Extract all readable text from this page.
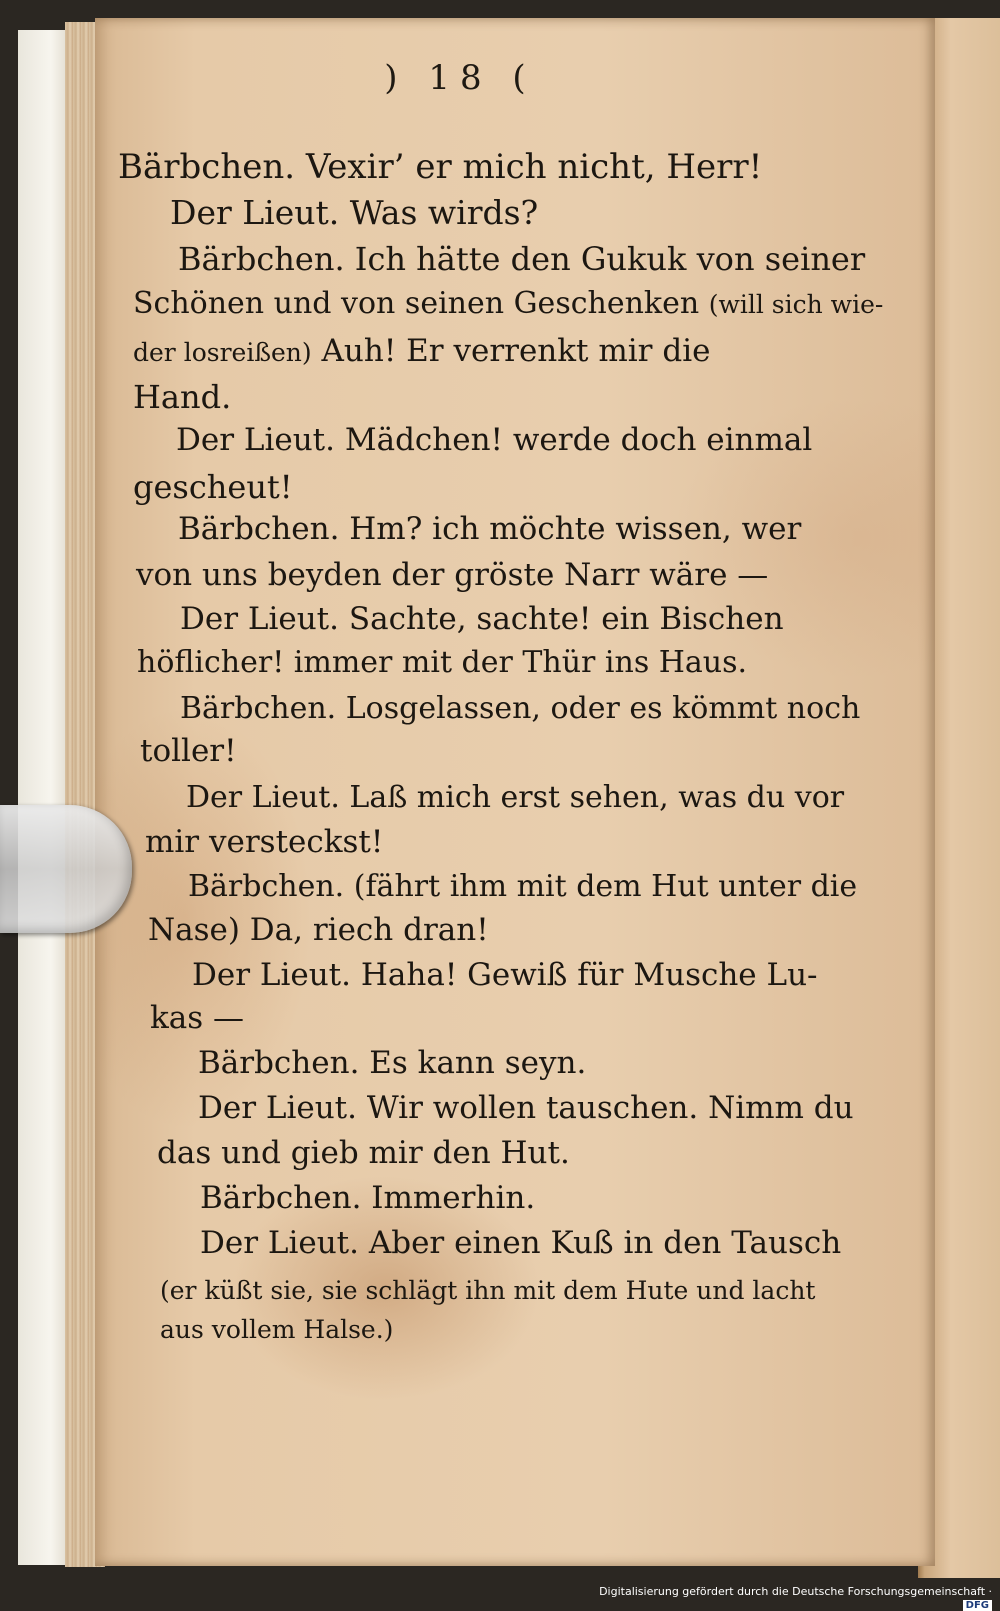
) 18 (
Bärbchen. Vexir’ er mich nicht, Herr!
Der Lieut. Was wirds?
Bärbchen. Ich hätte den Gukuk von seiner
Schönen und von seinen Geschenken (will sich wie-
der losreißen) Auh! Er verrenkt mir die
Hand.
Der Lieut. Mädchen! werde doch einmal
gescheut!
Bärbchen. Hm? ich möchte wissen, wer
von uns beyden der gröste Narr wäre —
Der Lieut. Sachte, sachte! ein Bischen
höflicher! immer mit der Thür ins Haus.
Bärbchen. Losgelassen, oder es kömmt noch
toller!
Der Lieut. Laß mich erst sehen, was du vor
mir versteckst!
Bärbchen. (fährt ihm mit dem Hut unter die
Nase) Da, riech dran!
Der Lieut. Haha! Gewiß für Musche Lu-
kas —
Bärbchen. Es kann seyn.
Der Lieut. Wir wollen tauschen. Nimm du
das und gieb mir den Hut.
Bärbchen. Immerhin.
Der Lieut. Aber einen Kuß in den Tausch
(er küßt sie, sie schlägt ihn mit dem Hute und lacht
aus vollem Halse.)
Digitalisierung gefördert durch die Deutsche Forschungsgemeinschaft ·DFG
